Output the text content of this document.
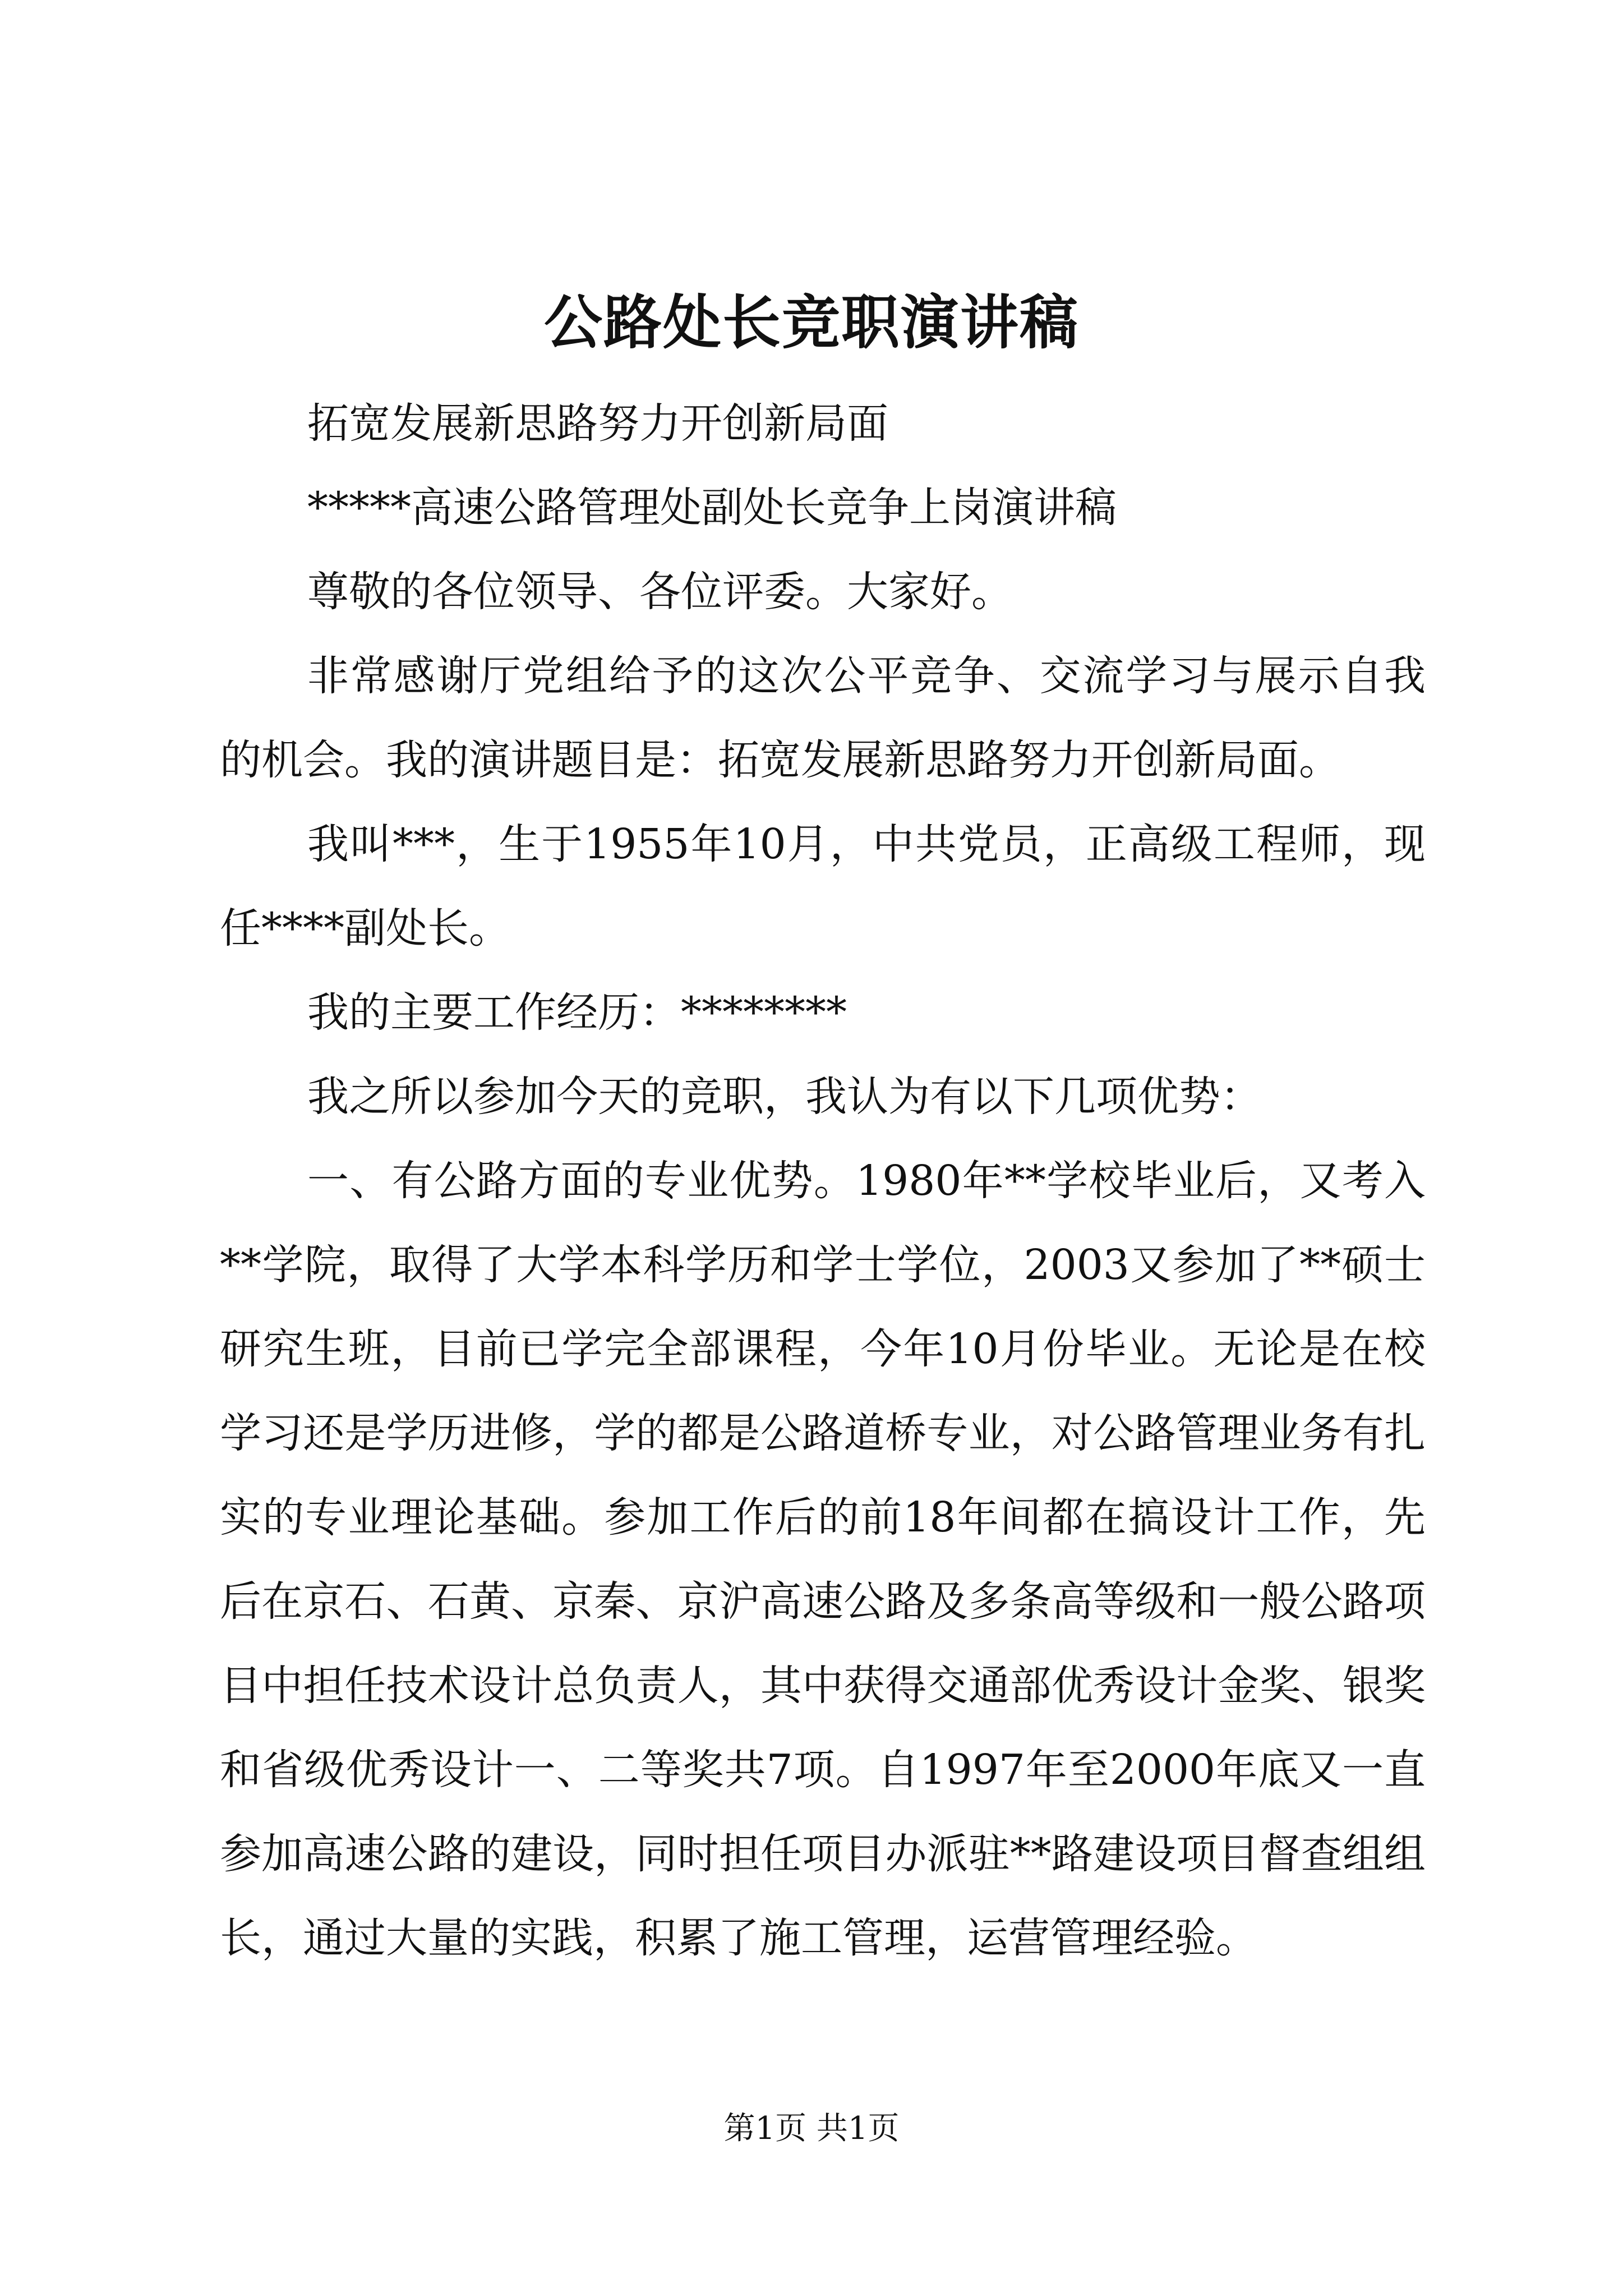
公路处长竞职演讲稿

拓宽发展新思路努力开创新局面

*****高速公路管理处副处长竞争上岗演讲稿

尊敬的各位领导、各位评委。大家好。

非常感谢厅党组给予的这次公平竞争、交流学习与展示自我的机会。我的演讲题目是：拓宽发展新思路努力开创新局面。

我叫***，生于1955年10月，中共党员，正高级工程师，现任****副处长。

我的主要工作经历：********

我之所以参加今天的竞职，我认为有以下几项优势：

一、有公路方面的专业优势。1980年**学校毕业后，又考入**学院，取得了大学本科学历和学士学位，2003又参加了**硕士研究生班，目前已学完全部课程，今年10月份毕业。无论是在校学习还是学历进修，学的都是公路道桥专业，对公路管理业务有扎实的专业理论基础。参加工作后的前18年间都在搞设计工作，先后在京石、石黄、京秦、京沪高速公路及多条高等级和一般公路项目中担任技术设计总负责人，其中获得交通部优秀设计金奖、银奖和省级优秀设计一、二等奖共7项。自1997年至2000年底又一直参加高速公路的建设，同时担任项目办派驻**路建设项目督查组组长，通过大量的实践，积累了施工管理，运营管理经验。

第1页 共1页
